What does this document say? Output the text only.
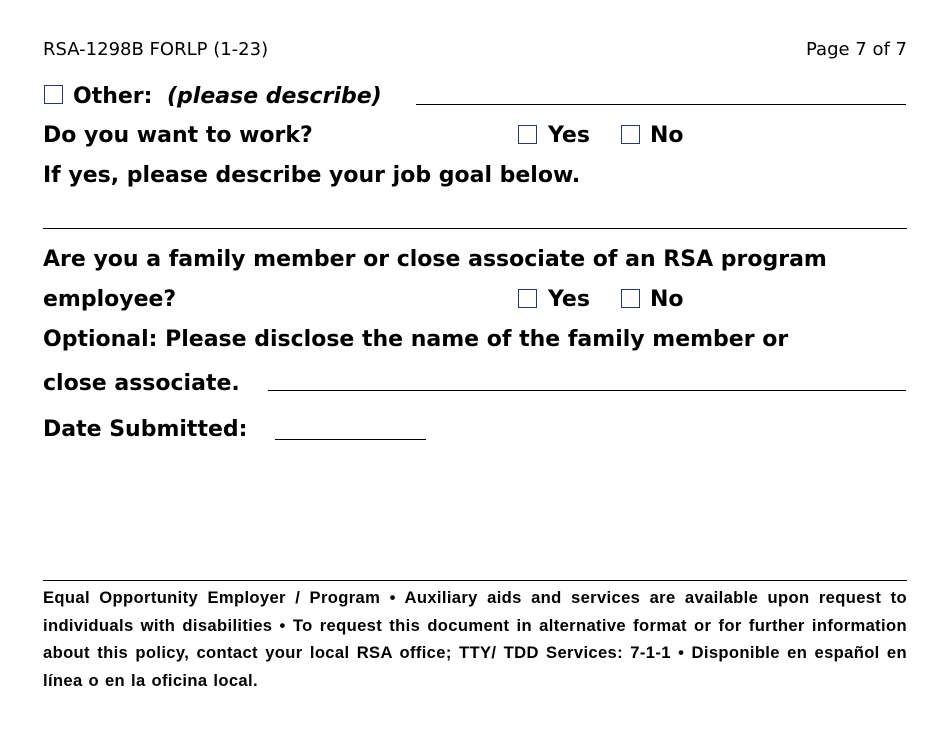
RSA-1298B FORLP (1-23)	Page 7 of 7
Other: (please describe)
Do you want to work?	Yes	No
If yes, please describe your job goal below.
Are you a family member or close associate of an RSA program
employee?	Yes	No
Optional: Please disclose the name of the family member or
close associate.
Date Submitted:
Equal Opportunity Employer / Program • Auxiliary aids and services are available upon request to individuals with disabilities • To request this document in alternative format or for further information about this policy, contact your local RSA office; TTY/ TDD Services: 7-1-1 • Disponible en español en línea o en la oficina local.
